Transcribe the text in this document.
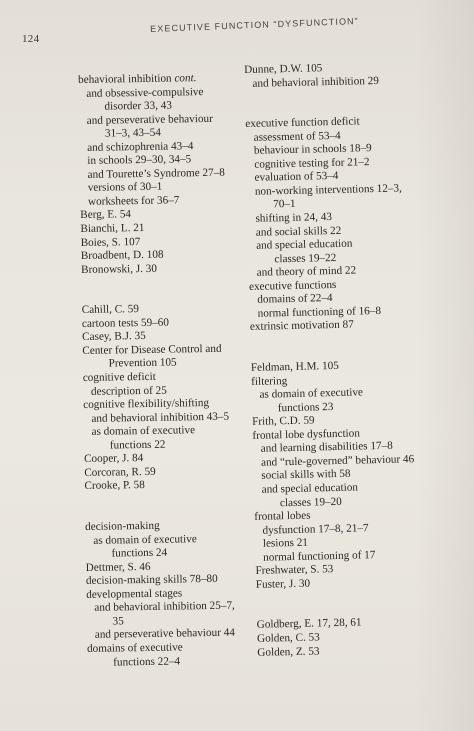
124
EXECUTIVE FUNCTION “DYSFUNCTION”
behavioral inhibition cont.
and obsessive-compulsive
disorder 33, 43
and perseverative behaviour
31–3, 43–54
and schizophrenia 43–4
in schools 29–30, 34–5
and Tourette’s Syndrome 27–8
versions of 30–1
worksheets for 36–7
Berg, E. 54
Bianchi, L. 21
Boies, S. 107
Broadbent, D. 108
Bronowski, J. 30
Cahill, C. 59
cartoon tests 59–60
Casey, B.J. 35
Center for Disease Control and
Prevention 105
cognitive deficit
description of 25
cognitive flexibility/shifting
and behavioral inhibition 43–5
as domain of executive
functions 22
Cooper, J. 84
Corcoran, R. 59
Crooke, P. 58
decision-making
as domain of executive
functions 24
Dettmer, S. 46
decision-making skills 78–80
developmental stages
and behavioral inhibition 25–7,
35
and perseverative behaviour 44
domains of executive
functions 22–4
Dunne, D.W. 105
and behavioral inhibition 29
executive function deficit
assessment of 53–4
behaviour in schools 18–9
cognitive testing for 21–2
evaluation of 53–4
non-working interventions 12–3,
70–1
shifting in 24, 43
and social skills 22
and special education
classes 19–22
and theory of mind 22
executive functions
domains of 22–4
normal functioning of 16–8
extrinsic motivation 87
Feldman, H.M. 105
filtering
as domain of executive
functions 23
Frith, C.D. 59
frontal lobe dysfunction
and learning disabilities 17–8
and “rule-governed” behaviour 46
social skills with 58
and special education
classes 19–20
frontal lobes
dysfunction 17–8, 21–7
lesions 21
normal functioning of 17
Freshwater, S. 53
Fuster, J. 30
Goldberg, E. 17, 28, 61
Golden, C. 53
Golden, Z. 53
